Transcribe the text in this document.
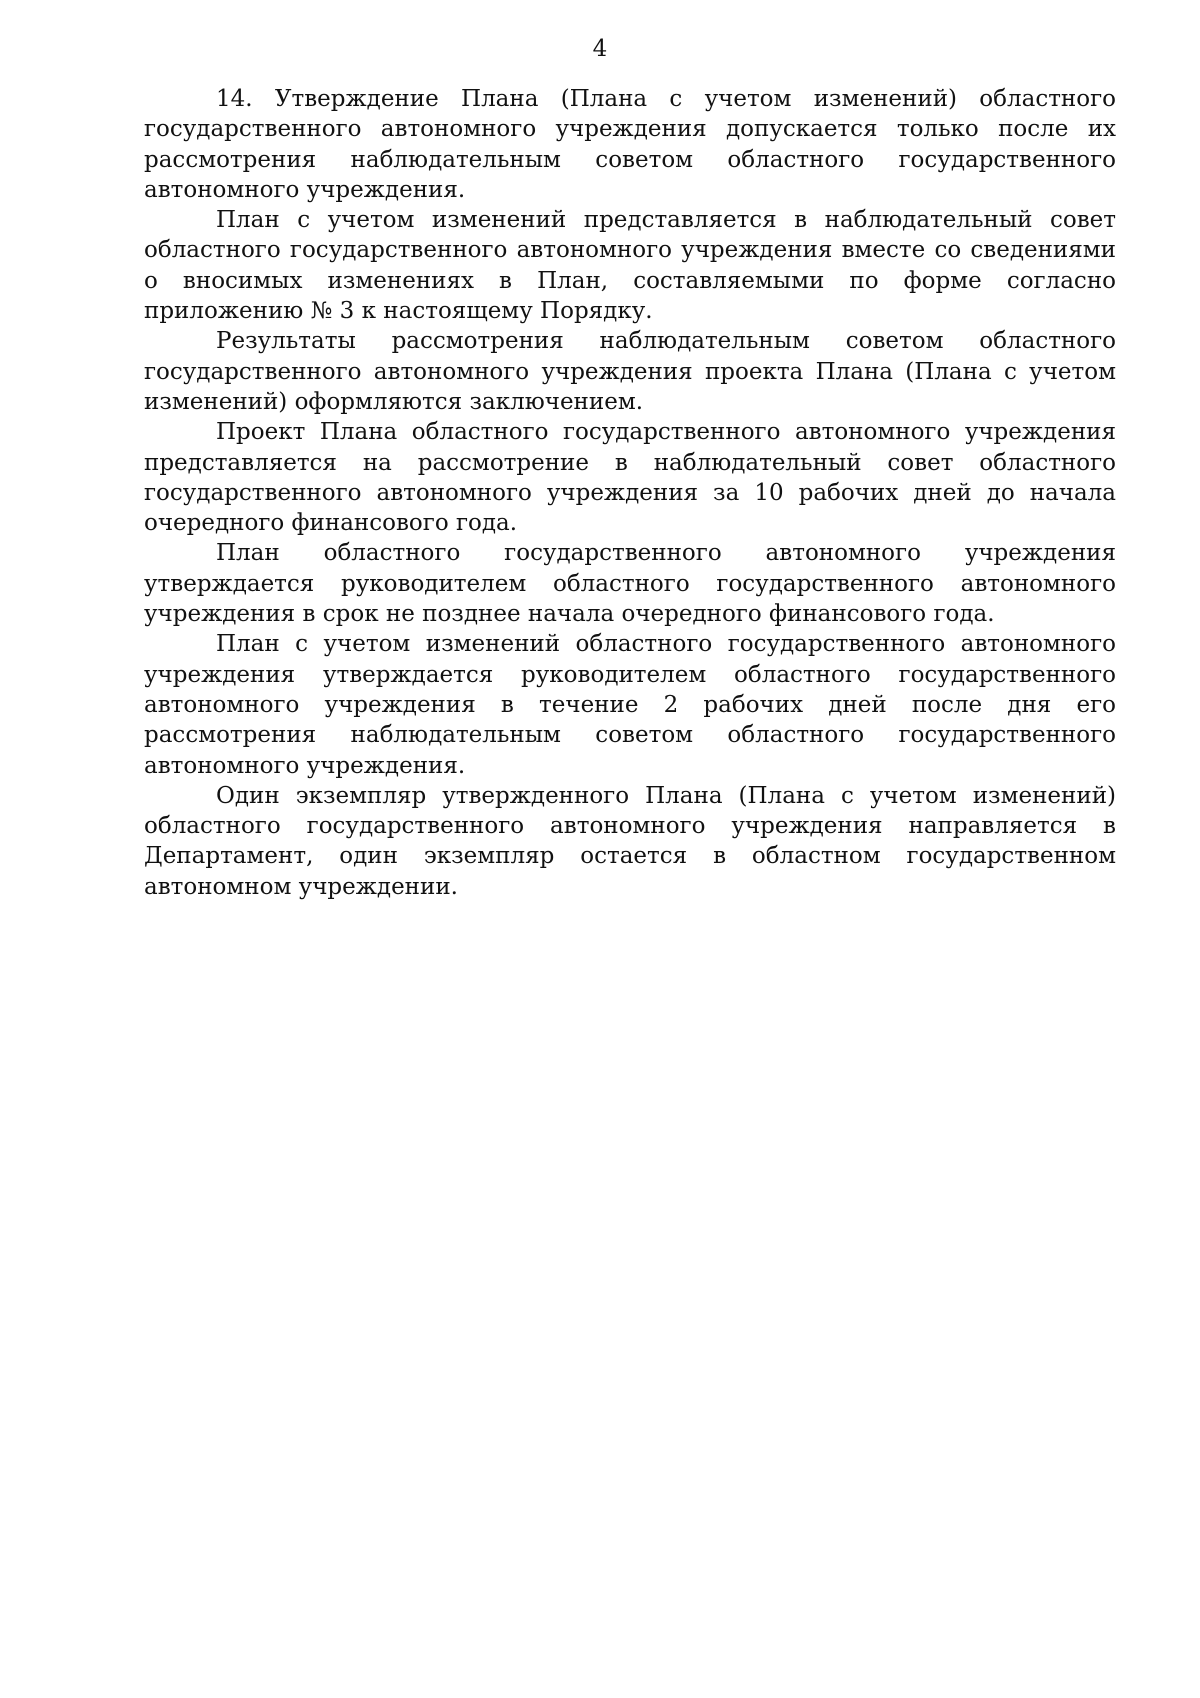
4

14. Утверждение Плана (Плана с учетом изменений) областного государственного автономного учреждения допускается только после их рассмотрения наблюдательным советом областного государственного автономного учреждения.

План с учетом изменений представляется в наблюдательный совет областного государственного автономного учреждения вместе со сведениями о вносимых изменениях в План, составляемыми по форме согласно приложению № 3 к настоящему Порядку.

Результаты рассмотрения наблюдательным советом областного государственного автономного учреждения проекта Плана (Плана с учетом изменений) оформляются заключением.

Проект Плана областного государственного автономного учреждения представляется на рассмотрение в наблюдательный совет областного государственного автономного учреждения за 10 рабочих дней до начала очередного финансового года.

План областного государственного автономного учреждения утверждается руководителем областного государственного автономного учреждения в срок не позднее начала очередного финансового года.

План с учетом изменений областного государственного автономного учреждения утверждается руководителем областного государственного автономного учреждения в течение 2 рабочих дней после дня его рассмотрения наблюдательным советом областного государственного автономного учреждения.

Один экземпляр утвержденного Плана (Плана с учетом изменений) областного государственного автономного учреждения направляется в Департамент, один экземпляр остается в областном государственном автономном учреждении.
